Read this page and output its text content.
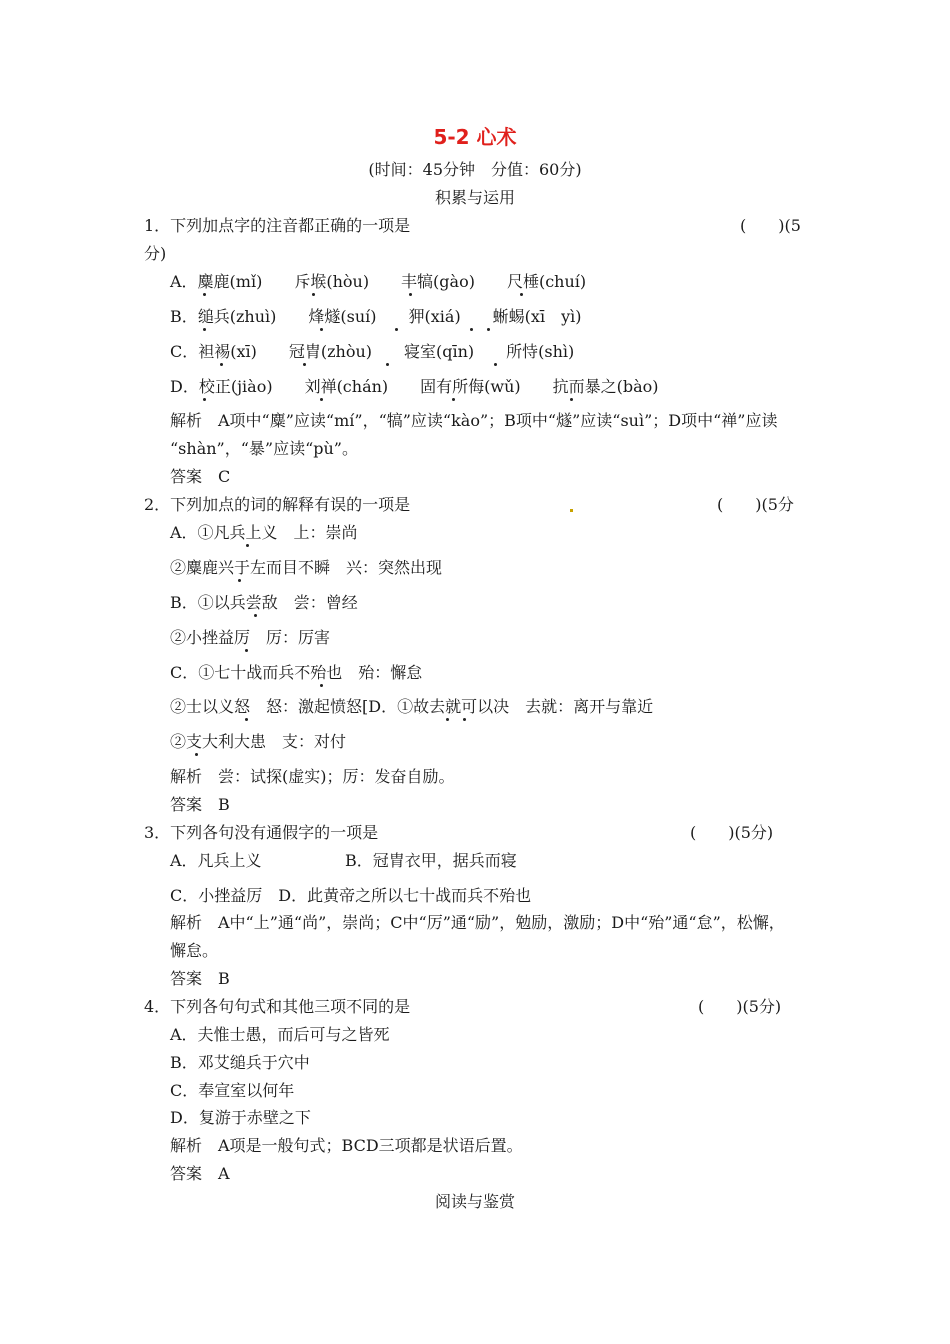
5-2 心术
(时间：45分钟　分值：60分)
积累与运用
1．下列加点字的注音都正确的一项是	(　　)(5
分)
A．麋鹿(mǐ)　　斥堠(hòu)　　丰犒(gào)　　尺棰(chuí)
B．缒兵(zhuì)　　烽燧(suí)　　狎(xiá)　　蜥蜴(xī　yì)
C．袒裼(xī)　　冠胄(zhòu)　　寝室(qīn)　　所恃(shì)
D．校正(jiào)　　刘禅(chán)　　固有所侮(wǔ)　　抗而暴之(bào)
解析　A项中“麋”应读“mí”，“犒”应读“kào”；B项中“燧”应读“suì”；D项中“禅”应读
“shàn”，“暴”应读“pù”。
答案　C
2．下列加点的词的解释有误的一项是	(　　)(5分
A．①凡兵上义　上：崇尚
②麋鹿兴于左而目不瞬　兴：突然出现
B．①以兵尝敌　尝：曾经
②小挫益厉　厉：厉害
C．①七十战而兵不殆也　殆：懈怠
②士以义怒　怒：激起愤怒[D．①故去就可以决　去就：离开与靠近
②支大利大患　支：对付
解析　尝：试探(虚实)；厉：发奋自励。
答案　B
3．下列各句没有通假字的一项是	(　　)(5分)
A．凡兵上义	B．冠胄衣甲，据兵而寝
C．小挫益厉　D．此黄帝之所以七十战而兵不殆也
解析　A中“上”通“尚”，崇尚；C中“厉”通“励”，勉励，激励；D中“殆”通“怠”，松懈，
懈怠。
答案　B
4．下列各句句式和其他三项不同的是	(　　)(5分)
A．夫惟士愚，而后可与之皆死
B．邓艾缒兵于穴中
C．奉宣室以何年
D．复游于赤壁之下
解析　A项是一般句式；BCD三项都是状语后置。
答案　A
阅读与鉴赏
